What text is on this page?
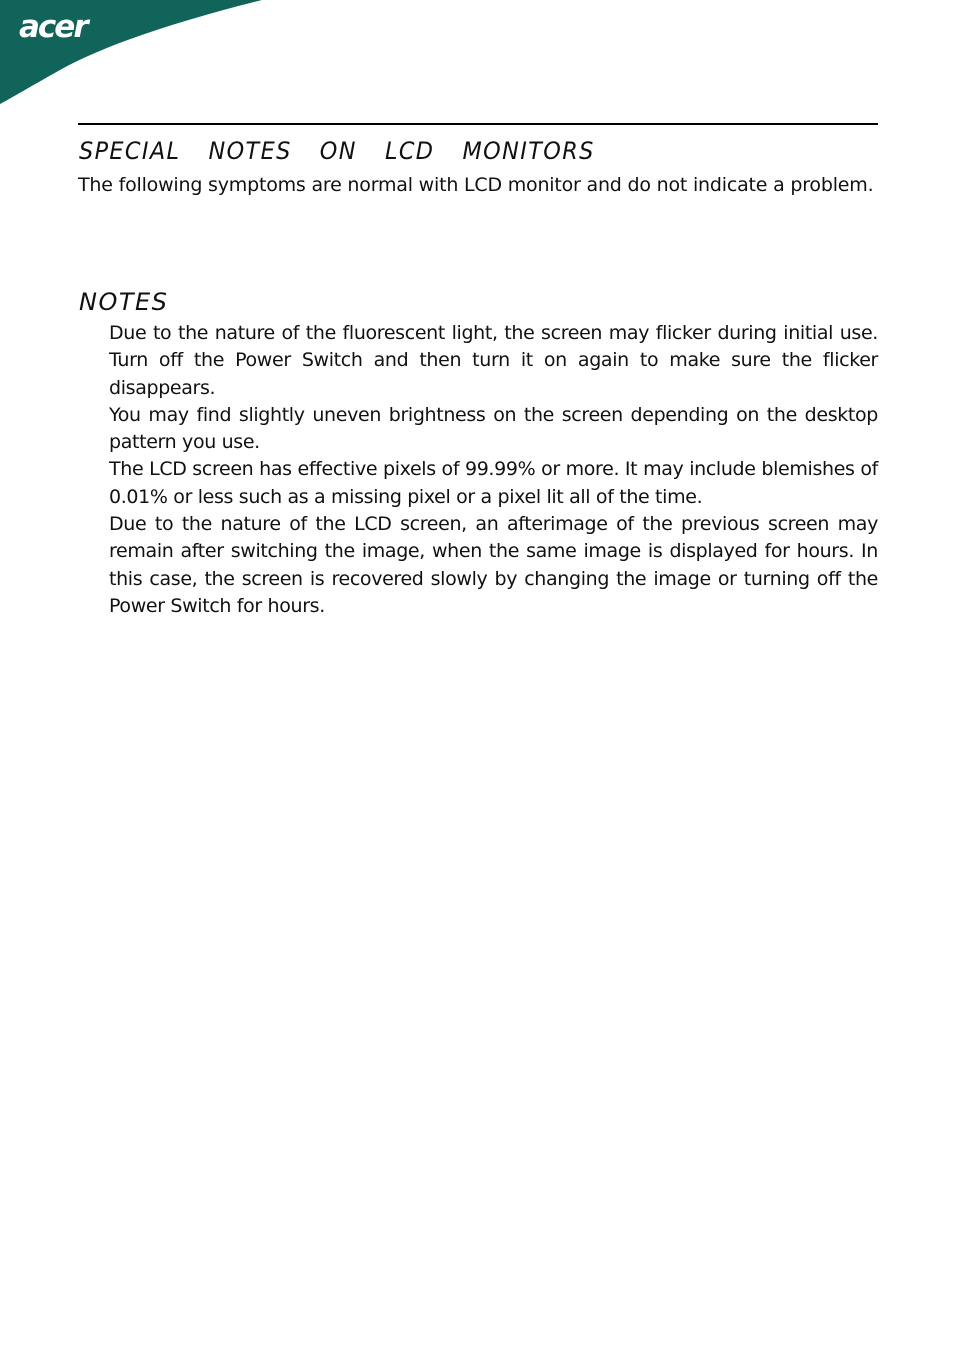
acer
SPECIAL  NOTES  ON  LCD  MONITORS

The following symptoms are normal with LCD monitor and do not indicate a problem.

NOTES
Due to the nature of the fluorescent light, the screen may flicker during initial use. Turn off the Power Switch and then turn it on again to make sure the flicker disappears.
You may find slightly uneven brightness on the screen depending on the desktop pattern you use.
The LCD screen has effective pixels of 99.99% or more. It may include blemishes of 0.01% or less such as a missing pixel or a pixel lit all of the time.
Due to the nature of the LCD screen, an afterimage of the previous screen may remain after switching the image, when the same image is displayed for hours. In this case, the screen is recovered slowly by changing the image or turning off the Power Switch for hours.
